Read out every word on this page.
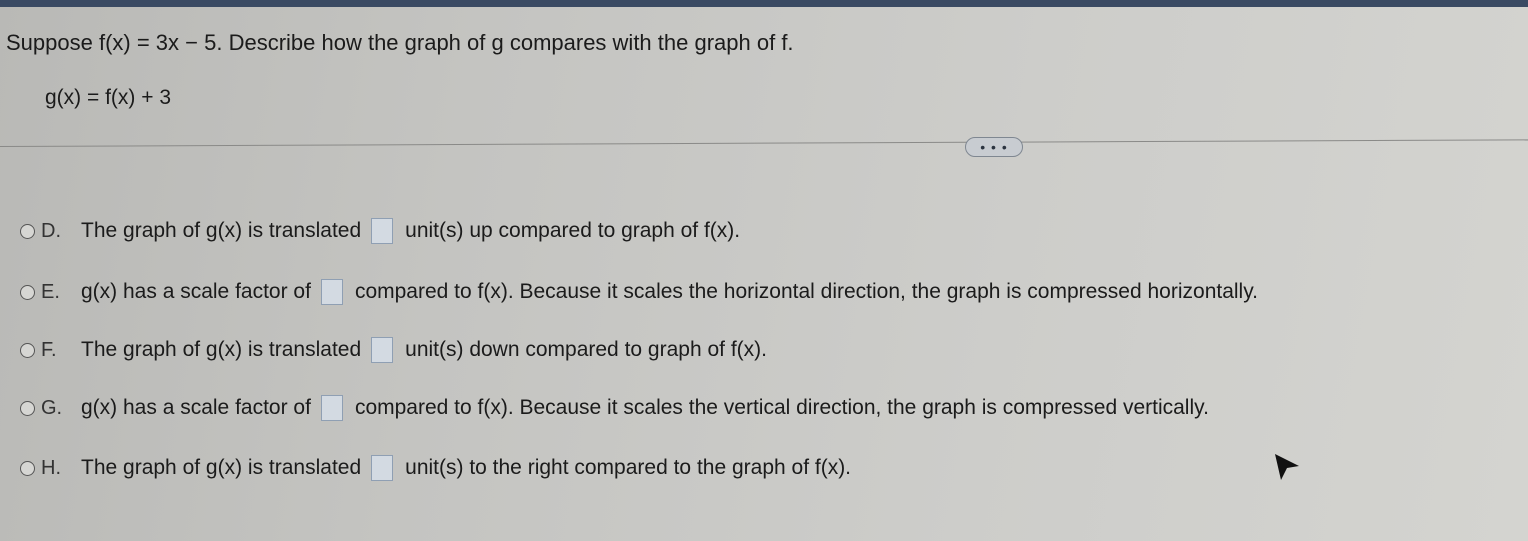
Suppose f(x) = 3x − 5. Describe how the graph of g compares with the graph of f.
g(x) = f(x) + 3
• • •
D. The graph of g(x) is translated unit(s) up compared to graph of f(x).
E.	g(x) has a scale factor of compared to f(x). Because it scales the horizontal direction, the graph is compressed horizontally.
F.	The graph of g(x) is translated unit(s) down compared to graph of f(x).
G. g(x) has a scale factor of compared to f(x). Because it scales the vertical direction, the graph is compressed vertically.
H. The graph of g(x) is translated unit(s) to the right compared to the graph of f(x).
